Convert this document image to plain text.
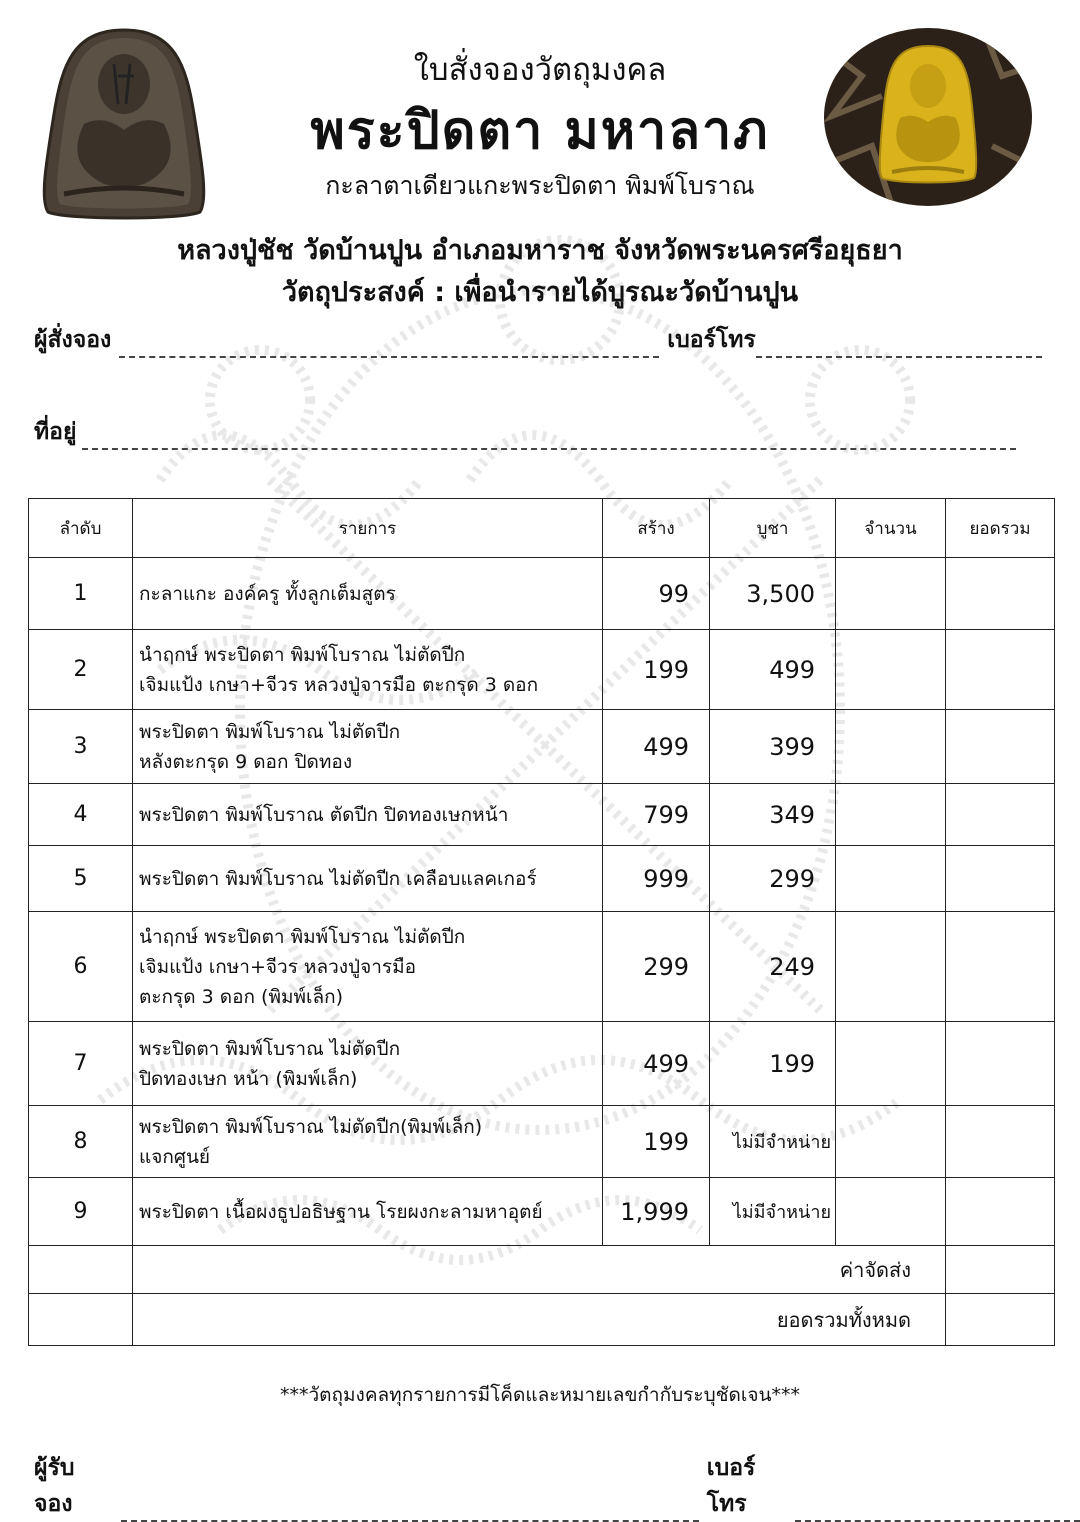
ใบสั่งจองวัตถุมงคล
พระปิดตา มหาลาภ
กะลาตาเดียวแกะพระปิดตา พิมพ์โบราณ
หลวงปู่ชัช วัดบ้านปูน อำเภอมหาราช จังหวัดพระนครศรีอยุธยา
วัตถุประสงค์ : เพื่อนำรายได้บูรณะวัดบ้านปูน
ผู้สั่งจอง	เบอร์โทร
ที่อยู่
ลำดับ	รายการ	สร้าง	บูชา	จำนวน	ยอดรวม
1	กะลาแกะ องค์ครู ทั้งลูกเต็มสูตร	99	3,500		
2	นำฤกษ์ พระปิดตา พิมพ์โบราณ ไม่ตัดปีก
เจิมแป้ง เกษา+จีวร หลวงปู่จารมือ ตะกรุด 3 ดอก	199	499		
3	พระปิดตา พิมพ์โบราณ ไม่ตัดปีก
หลังตะกรุด 9 ดอก ปิดทอง	499	399		
4	พระปิดตา พิมพ์โบราณ ตัดปีก ปิดทองเษกหน้า	799	349		
5	พระปิดตา พิมพ์โบราณ ไม่ตัดปีก เคลือบแลคเกอร์	999	299		
6	นำฤกษ์ พระปิดตา พิมพ์โบราณ ไม่ตัดปีก
เจิมแป้ง เกษา+จีวร หลวงปู่จารมือ
ตะกรุด 3 ดอก (พิมพ์เล็ก)	299	249		
7	พระปิดตา พิมพ์โบราณ ไม่ตัดปีก
ปิดทองเษก หน้า (พิมพ์เล็ก)	499	199		
8	พระปิดตา พิมพ์โบราณ ไม่ตัดปีก(พิมพ์เล็ก)
แจกศูนย์	199	ไม่มีจำหน่าย		
9	พระปิดตา เนื้อผงธูปอธิษฐาน โรยผงกะลามหาอุตย์	1,999	ไม่มีจำหน่าย		
	ค่าจัดส่ง				
	ยอดรวมทั้งหมด				
***วัตถุมงคลทุกรายการมีโค็ดและหมายเลขกำกับระบุชัดเจน***
ผู้รับจอง
เบอร์โทร
